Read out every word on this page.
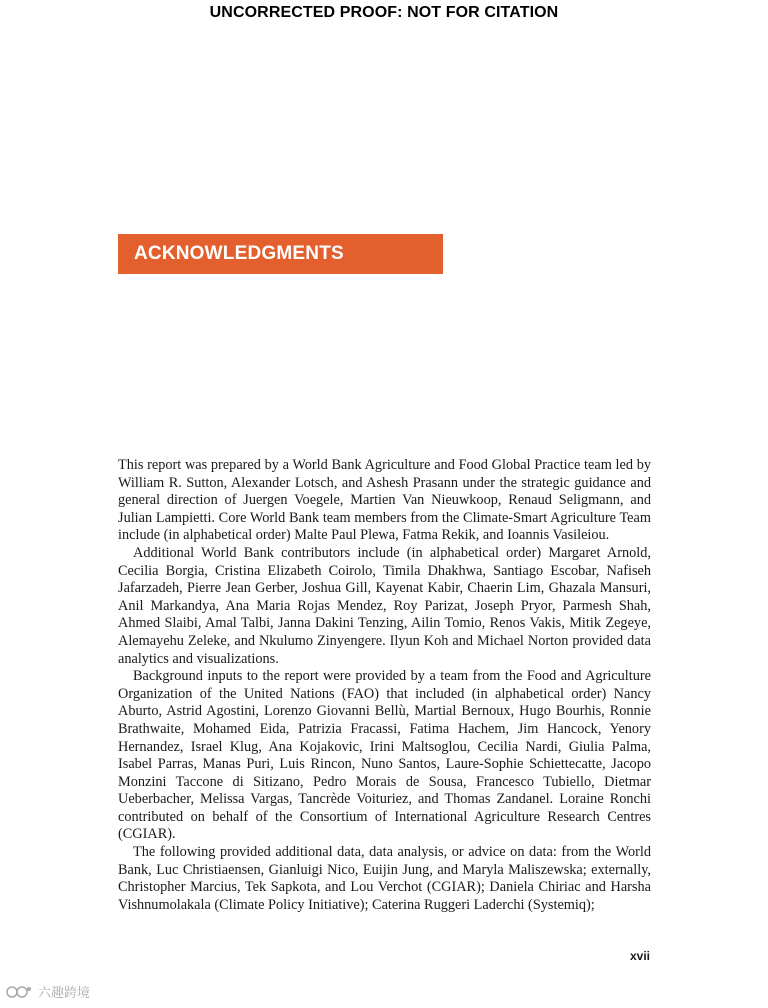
UNCORRECTED PROOF: NOT FOR CITATION
ACKNOWLEDGMENTS

This report was prepared by a World Bank Agriculture and Food Global Practice team led by William R. Sutton, Alexander Lotsch, and Ashesh Prasann under the strategic guidance and general direction of Juergen Voegele, Martien Van Nieuwkoop, Renaud Seligmann, and Julian Lampietti. Core World Bank team members from the Climate-Smart Agriculture Team include (in alphabetical order) Malte Paul Plewa, Fatma Rekik, and Ioannis Vasileiou.

Additional World Bank contributors include (in alphabetical order) Margaret Arnold, Cecilia Borgia, Cristina Elizabeth Coirolo, Timila Dhakhwa, Santiago Escobar, Nafiseh Jafarzadeh, Pierre Jean Gerber, Joshua Gill, Kayenat Kabir, Chaerin Lim, Ghazala Mansuri, Anil Markandya, Ana Maria Rojas Mendez, Roy Parizat, Joseph Pryor, Parmesh Shah, Ahmed Slaibi, Amal Talbi, Janna Dakini Tenzing, Ailin Tomio, Renos Vakis, Mitik Zegeye, Alemayehu Zeleke, and Nkulumo Zinyengere. Ilyun Koh and Michael Norton provided data analytics and visualizations.

Background inputs to the report were provided by a team from the Food and Agriculture Organization of the United Nations (FAO) that included (in alphabetical order) Nancy Aburto, Astrid Agostini, Lorenzo Giovanni Bellù, Martial Bernoux, Hugo Bourhis, Ronnie Brathwaite, Mohamed Eida, Patrizia Fracassi, Fatima Hachem, Jim Hancock, Yenory Hernandez, Israel Klug, Ana Kojakovic, Irini Maltsoglou, Cecilia Nardi, Giulia Palma, Isabel Parras, Manas Puri, Luis Rincon, Nuno Santos, Laure-Sophie Schiettecatte, Jacopo Monzini Taccone di Sitizano, Pedro Morais de Sousa, Francesco Tubiello, Dietmar Ueberbacher, Melissa Vargas, Tancrède Voituriez, and Thomas Zandanel. Loraine Ronchi contributed on behalf of the Consortium of International Agriculture Research Centres (CGIAR).

The following provided additional data, data analysis, or advice on data: from the World Bank, Luc Christiaensen, Gianluigi Nico, Euijin Jung, and Maryla Maliszewska; externally, Christopher Marcius, Tek Sapkota, and Lou Verchot (CGIAR); Daniela Chiriac and Harsha Vishnumolakala (Climate Policy Initiative); Caterina Ruggeri Laderchi (Systemiq);

xvii
六趣跨境
